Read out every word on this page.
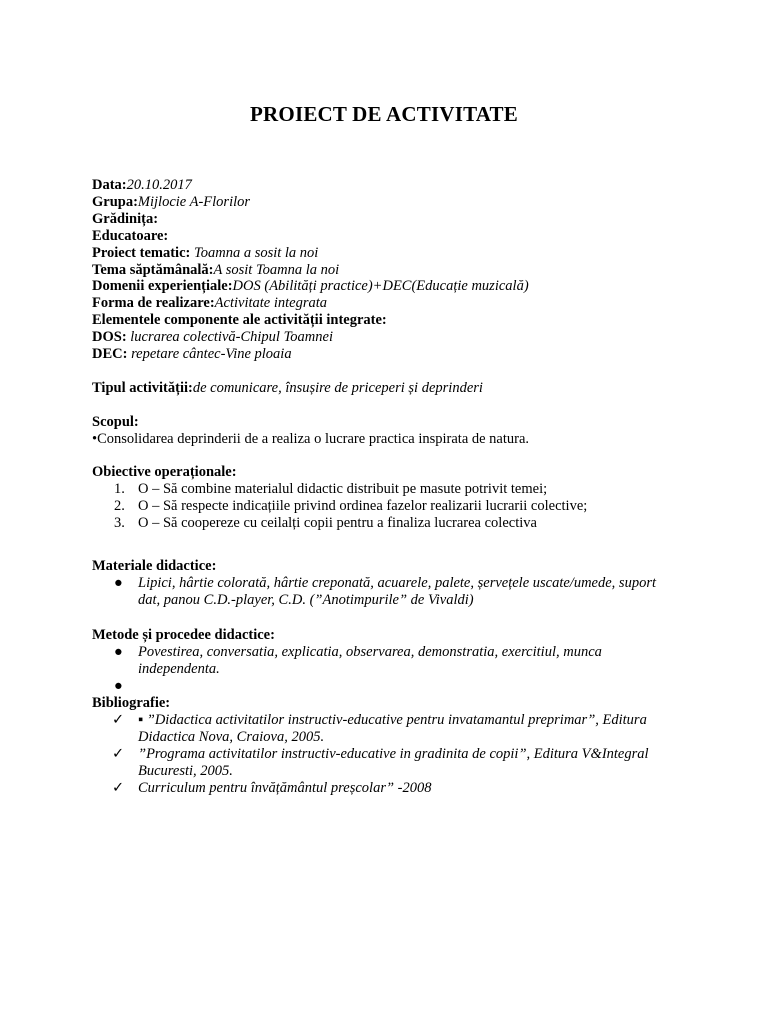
PROIECT DE ACTIVITATE
Data:20.10.2017
Grupa:Mijlocie A-Florilor
Grădinița:
Educatoare:
Proiect tematic: Toamna a sosit la noi
Tema săptămânală:A sosit Toamna la noi
Domenii experiențiale:DOS (Abilități practice)+DEC(Educație muzicală)
Forma de realizare:Activitate integrata
Elementele componente ale activității integrate:
DOS: lucrarea colectivă-Chipul Toamnei
DEC: repetare cântec-Vine ploaia
Tipul activității:de comunicare, însușire de priceperi și deprinderi
Scopul:
•Consolidarea deprinderii de a realiza o lucrare practica inspirata de natura.
Obiective operaționale:
1. O – Să combine materialul didactic distribuit pe masute potrivit temei;
2. O – Să respecte indicațiile privind ordinea fazelor realizarii lucrarii colective;
3. O – Să coopereze cu ceilalți copii pentru a finaliza lucrarea colectiva
Materiale didactice:
● Lipici, hârtie colorată, hârtie creponată, acuarele, palete, șervețele uscate/umede, suport dat, panou C.D.-player, C.D. (”Anotimpurile” de Vivaldi)
Metode și procedee didactice:
● Povestirea, conversatia, explicatia, observarea, demonstratia, exercitiul, munca independenta.
●

Bibliografie:
✓ ▪ ”Didactica activitatilor instructiv-educative pentru invatamantul preprimar”, Editura Didactica Nova, Craiova, 2005.
✓ ”Programa activitatilor instructiv-educative in gradinita de copii”, Editura V&Integral Bucuresti, 2005.
✓ Curriculum pentru învățământul preșcolar” -2008
